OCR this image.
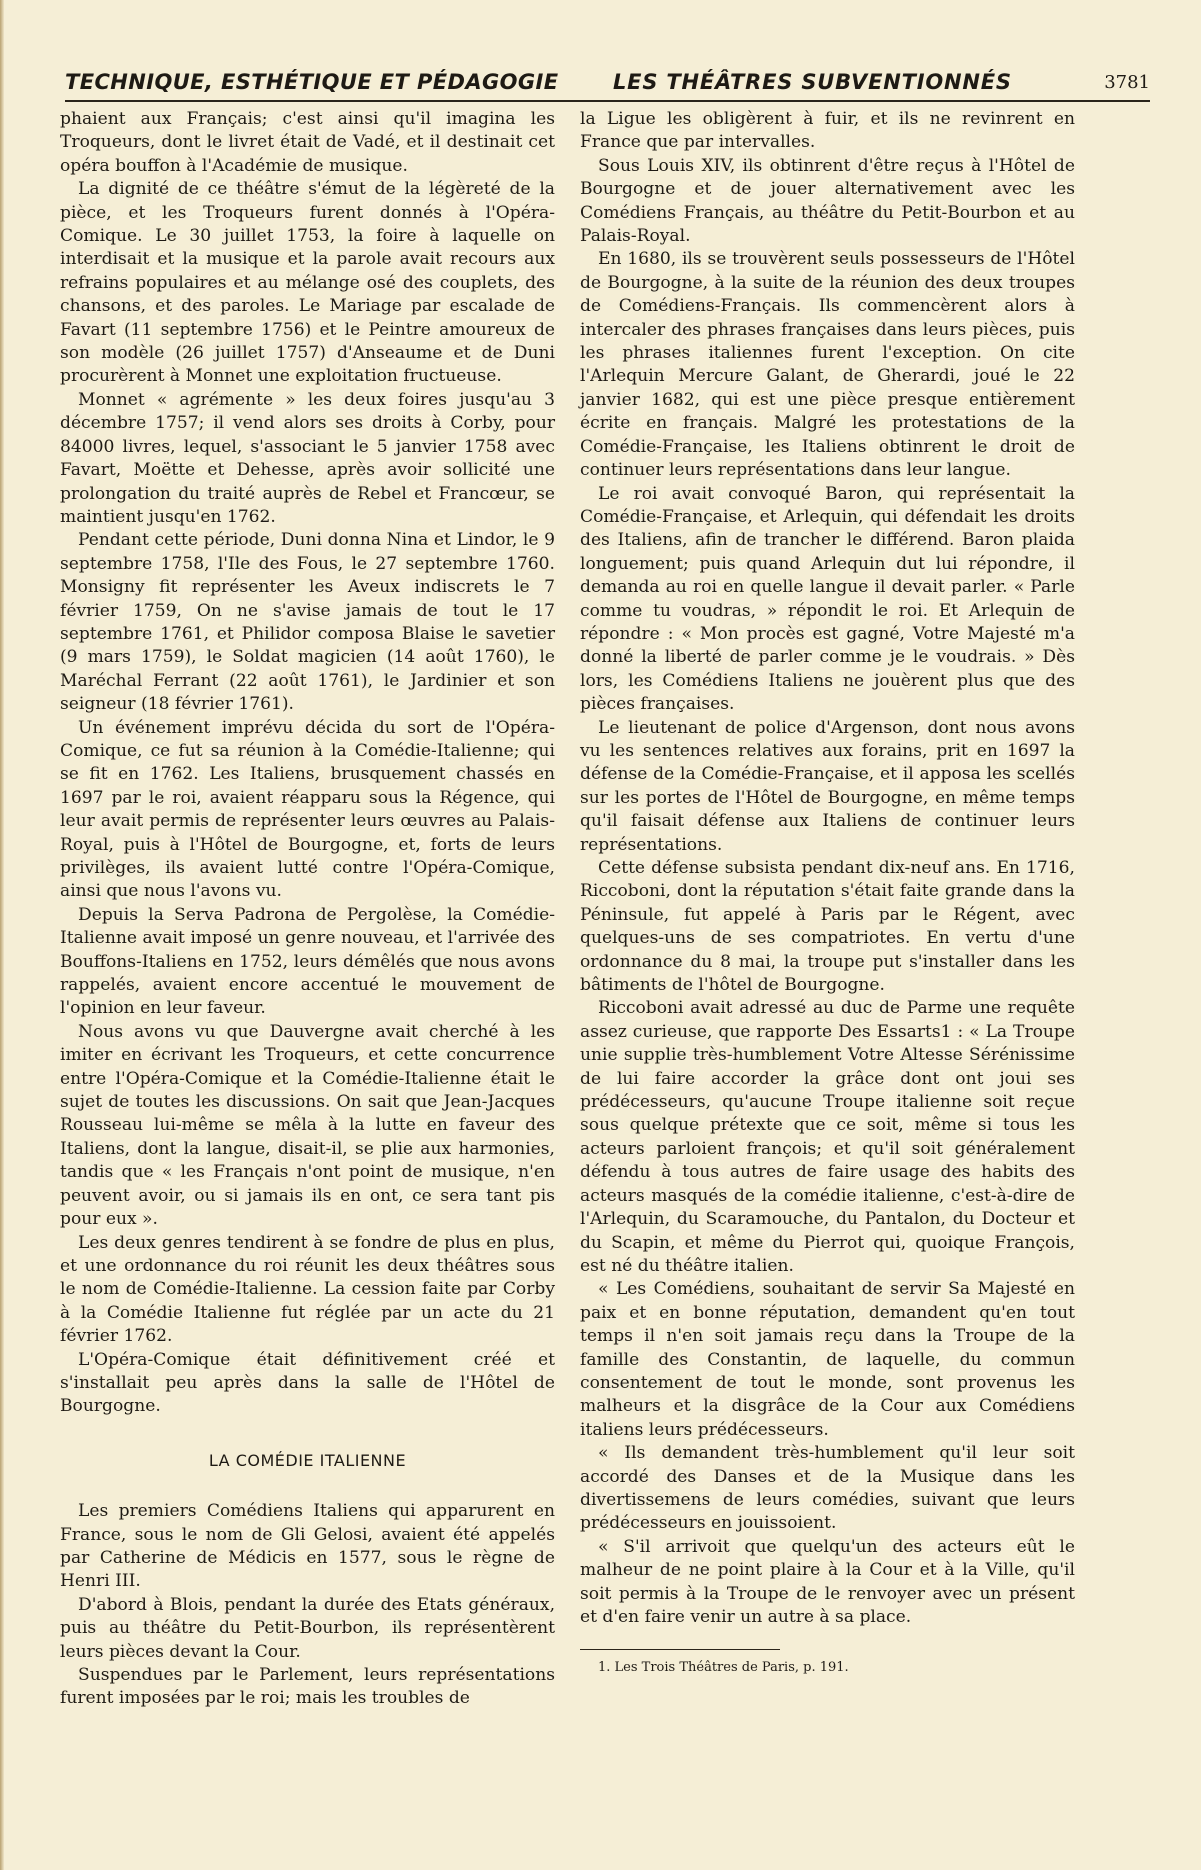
TECHNIQUE, ESTHÉTIQUE ET PÉDAGOGIE	LES THÉÂTRES SUBVENTIONNÉS	3781

phaient aux Français; c'est ainsi qu'il imagina les Troqueurs, dont le livret était de Vadé, et il destinait cet opéra bouffon à l'Académie de musique.

La dignité de ce théâtre s'émut de la légèreté de la pièce, et les Troqueurs furent donnés à l'Opéra-Comique. Le 30 juillet 1753, la foire à laquelle on interdisait et la musique et la parole avait recours aux refrains populaires et au mélange osé des couplets, des chansons, et des paroles. Le Mariage par escalade de Favart (11 septembre 1756) et le Peintre amoureux de son modèle (26 juillet 1757) d'Anseaume et de Duni procurèrent à Monnet une exploitation fructueuse.

Monnet « agrémente » les deux foires jusqu'au 3 décembre 1757; il vend alors ses droits à Corby, pour 84000 livres, lequel, s'associant le 5 janvier 1758 avec Favart, Moëtte et Dehesse, après avoir sollicité une prolongation du traité auprès de Rebel et Francœur, se maintient jusqu'en 1762.

Pendant cette période, Duni donna Nina et Lindor, le 9 septembre 1758, l'Ile des Fous, le 27 septembre 1760. Monsigny fit représenter les Aveux indiscrets le 7 février 1759, On ne s'avise jamais de tout le 17 septembre 1761, et Philidor composa Blaise le savetier (9 mars 1759), le Soldat magicien (14 août 1760), le Maréchal Ferrant (22 août 1761), le Jardinier et son seigneur (18 février 1761).

Un événement imprévu décida du sort de l'Opéra-Comique, ce fut sa réunion à la Comédie-Italienne; qui se fit en 1762. Les Italiens, brusquement chassés en 1697 par le roi, avaient réapparu sous la Régence, qui leur avait permis de représenter leurs œuvres au Palais-Royal, puis à l'Hôtel de Bourgogne, et, forts de leurs privilèges, ils avaient lutté contre l'Opéra-Comique, ainsi que nous l'avons vu.

Depuis la Serva Padrona de Pergolèse, la Comédie-Italienne avait imposé un genre nouveau, et l'arrivée des Bouffons-Italiens en 1752, leurs démêlés que nous avons rappelés, avaient encore accentué le mouvement de l'opinion en leur faveur.

Nous avons vu que Dauvergne avait cherché à les imiter en écrivant les Troqueurs, et cette concurrence entre l'Opéra-Comique et la Comédie-Italienne était le sujet de toutes les discussions. On sait que Jean-Jacques Rousseau lui-même se mêla à la lutte en faveur des Italiens, dont la langue, disait-il, se plie aux harmonies, tandis que « les Français n'ont point de musique, n'en peuvent avoir, ou si jamais ils en ont, ce sera tant pis pour eux ».

Les deux genres tendirent à se fondre de plus en plus, et une ordonnance du roi réunit les deux théâtres sous le nom de Comédie-Italienne. La cession faite par Corby à la Comédie Italienne fut réglée par un acte du 21 février 1762.

L'Opéra-Comique était définitivement créé et s'installait peu après dans la salle de l'Hôtel de Bourgogne.

LA COMÉDIE ITALIENNE

Les premiers Comédiens Italiens qui apparurent en France, sous le nom de Gli Gelosi, avaient été appelés par Catherine de Médicis en 1577, sous le règne de Henri III.

D'abord à Blois, pendant la durée des Etats généraux, puis au théâtre du Petit-Bourbon, ils représentèrent leurs pièces devant la Cour.

Suspendues par le Parlement, leurs représentations furent imposées par le roi; mais les troubles de

la Ligue les obligèrent à fuir, et ils ne revinrent en France que par intervalles.

Sous Louis XIV, ils obtinrent d'être reçus à l'Hôtel de Bourgogne et de jouer alternativement avec les Comédiens Français, au théâtre du Petit-Bourbon et au Palais-Royal.

En 1680, ils se trouvèrent seuls possesseurs de l'Hôtel de Bourgogne, à la suite de la réunion des deux troupes de Comédiens-Français. Ils commencèrent alors à intercaler des phrases françaises dans leurs pièces, puis les phrases italiennes furent l'exception. On cite l'Arlequin Mercure Galant, de Gherardi, joué le 22 janvier 1682, qui est une pièce presque entièrement écrite en français. Malgré les protestations de la Comédie-Française, les Italiens obtinrent le droit de continuer leurs représentations dans leur langue.

Le roi avait convoqué Baron, qui représentait la Comédie-Française, et Arlequin, qui défendait les droits des Italiens, afin de trancher le différend. Baron plaida longuement; puis quand Arlequin dut lui répondre, il demanda au roi en quelle langue il devait parler. « Parle comme tu voudras, » répondit le roi. Et Arlequin de répondre : « Mon procès est gagné, Votre Majesté m'a donné la liberté de parler comme je le voudrais. » Dès lors, les Comédiens Italiens ne jouèrent plus que des pièces françaises.

Le lieutenant de police d'Argenson, dont nous avons vu les sentences relatives aux forains, prit en 1697 la défense de la Comédie-Française, et il apposa les scellés sur les portes de l'Hôtel de Bourgogne, en même temps qu'il faisait défense aux Italiens de continuer leurs représentations.

Cette défense subsista pendant dix-neuf ans. En 1716, Riccoboni, dont la réputation s'était faite grande dans la Péninsule, fut appelé à Paris par le Régent, avec quelques-uns de ses compatriotes. En vertu d'une ordonnance du 8 mai, la troupe put s'installer dans les bâtiments de l'hôtel de Bourgogne.

Riccoboni avait adressé au duc de Parme une requête assez curieuse, que rapporte Des Essarts1 : « La Troupe unie supplie très-humblement Votre Altesse Sérénissime de lui faire accorder la grâce dont ont joui ses prédécesseurs, qu'aucune Troupe italienne soit reçue sous quelque prétexte que ce soit, même si tous les acteurs parloient françois; et qu'il soit généralement défendu à tous autres de faire usage des habits des acteurs masqués de la comédie italienne, c'est-à-dire de l'Arlequin, du Scaramouche, du Pantalon, du Docteur et du Scapin, et même du Pierrot qui, quoique François, est né du théâtre italien.

« Les Comédiens, souhaitant de servir Sa Majesté en paix et en bonne réputation, demandent qu'en tout temps il n'en soit jamais reçu dans la Troupe de la famille des Constantin, de laquelle, du commun consentement de tout le monde, sont provenus les malheurs et la disgrâce de la Cour aux Comédiens italiens leurs prédécesseurs.

« Ils demandent très-humblement qu'il leur soit accordé des Danses et de la Musique dans les divertissemens de leurs comédies, suivant que leurs prédécesseurs en jouissoient.

« S'il arrivoit que quelqu'un des acteurs eût le malheur de ne point plaire à la Cour et à la Ville, qu'il soit permis à la Troupe de le renvoyer avec un présent et d'en faire venir un autre à sa place.

1. Les Trois Théâtres de Paris, p. 191.
